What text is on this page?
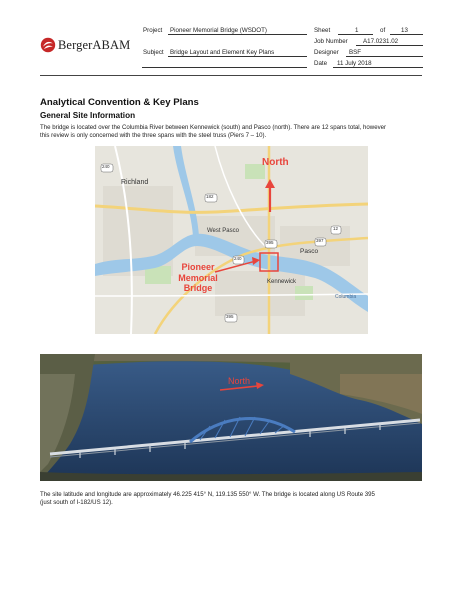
BergerABAM
Project Pioneer Memorial Bridge (WSDOT)
Subject Bridge Layout and Element Key Plans
Sheet	1	of	13
Job Number A17.0231.02
Designer BSF
Date 11 July 2018
Analytical Convention & Key Plans
General Site Information
The bridge is located over the Columbia River between Kennewick (south) and Pasco (north). There are 12 spans total, however
this review is only concerned with the three spans with the steel truss (Piers 7 – 10).
240
182
395	397
12
240
395
Richland
West Pasco
Pasco
Kennewick
Columbia
North
Pioneer
Memorial
Bridge
North
The site latitude and longitude are approximately 46.225 415° N, 119.135 550° W. The bridge is located along US Route 395
(just south of I-182/US 12).
